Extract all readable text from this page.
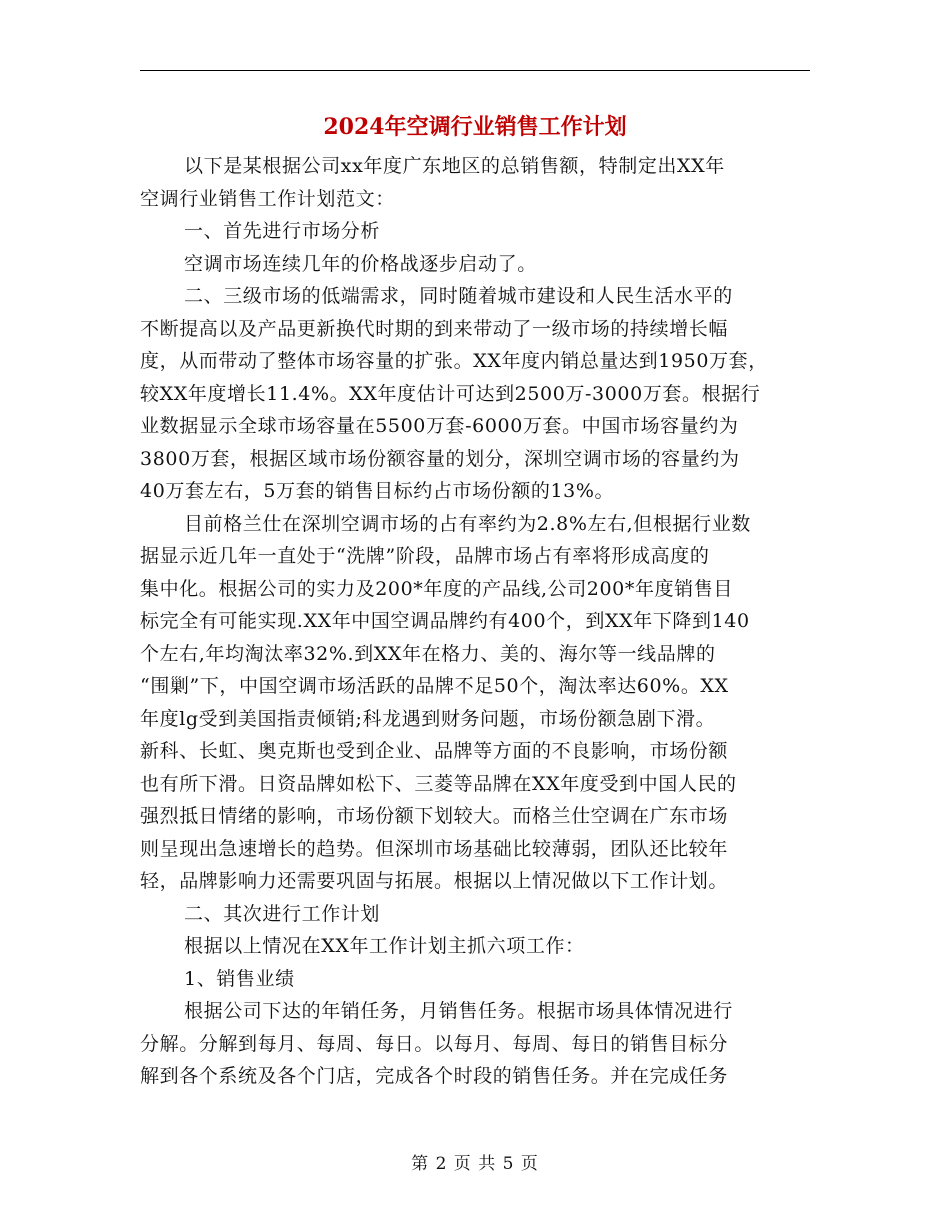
2024年空调行业销售工作计划
以下是某根据公司xx年度广东地区的总销售额，特制定出XX年
空调行业销售工作计划范文：
一、首先进行市场分析
空调市场连续几年的价格战逐步启动了。
二、三级市场的低端需求，同时随着城市建设和人民生活水平的
不断提高以及产品更新换代时期的到来带动了一级市场的持续增长幅
度，从而带动了整体市场容量的扩张。XX年度内销总量达到1950万套，
较XX年度增长11.4%。XX年度估计可达到2500万-3000万套。根据行
业数据显示全球市场容量在5500万套-6000万套。中国市场容量约为
3800万套，根据区域市场份额容量的划分，深圳空调市场的容量约为
40万套左右，5万套的销售目标约占市场份额的13%。
目前格兰仕在深圳空调市场的占有率约为2.8%左右,但根据行业数
据显示近几年一直处于“洗牌”阶段，品牌市场占有率将形成高度的
集中化。根据公司的实力及200*年度的产品线,公司200*年度销售目
标完全有可能实现.XX年中国空调品牌约有400个，到XX年下降到140
个左右,年均淘汰率32%.到XX年在格力、美的、海尔等一线品牌的
“围剿”下，中国空调市场活跃的品牌不足50个，淘汰率达60%。XX
年度lg受到美国指责倾销;科龙遇到财务问题，市场份额急剧下滑。
新科、长虹、奥克斯也受到企业、品牌等方面的不良影响，市场份额
也有所下滑。日资品牌如松下、三菱等品牌在XX年度受到中国人民的
强烈抵日情绪的影响，市场份额下划较大。而格兰仕空调在广东市场
则呈现出急速增长的趋势。但深圳市场基础比较薄弱，团队还比较年
轻，品牌影响力还需要巩固与拓展。根据以上情况做以下工作计划。
二、其次进行工作计划
根据以上情况在XX年工作计划主抓六项工作：
1、销售业绩
根据公司下达的年销任务，月销售任务。根据市场具体情况进行
分解。分解到每月、每周、每日。以每月、每周、每日的销售目标分
解到各个系统及各个门店，完成各个时段的销售任务。并在完成任务
第 2 页 共 5 页
